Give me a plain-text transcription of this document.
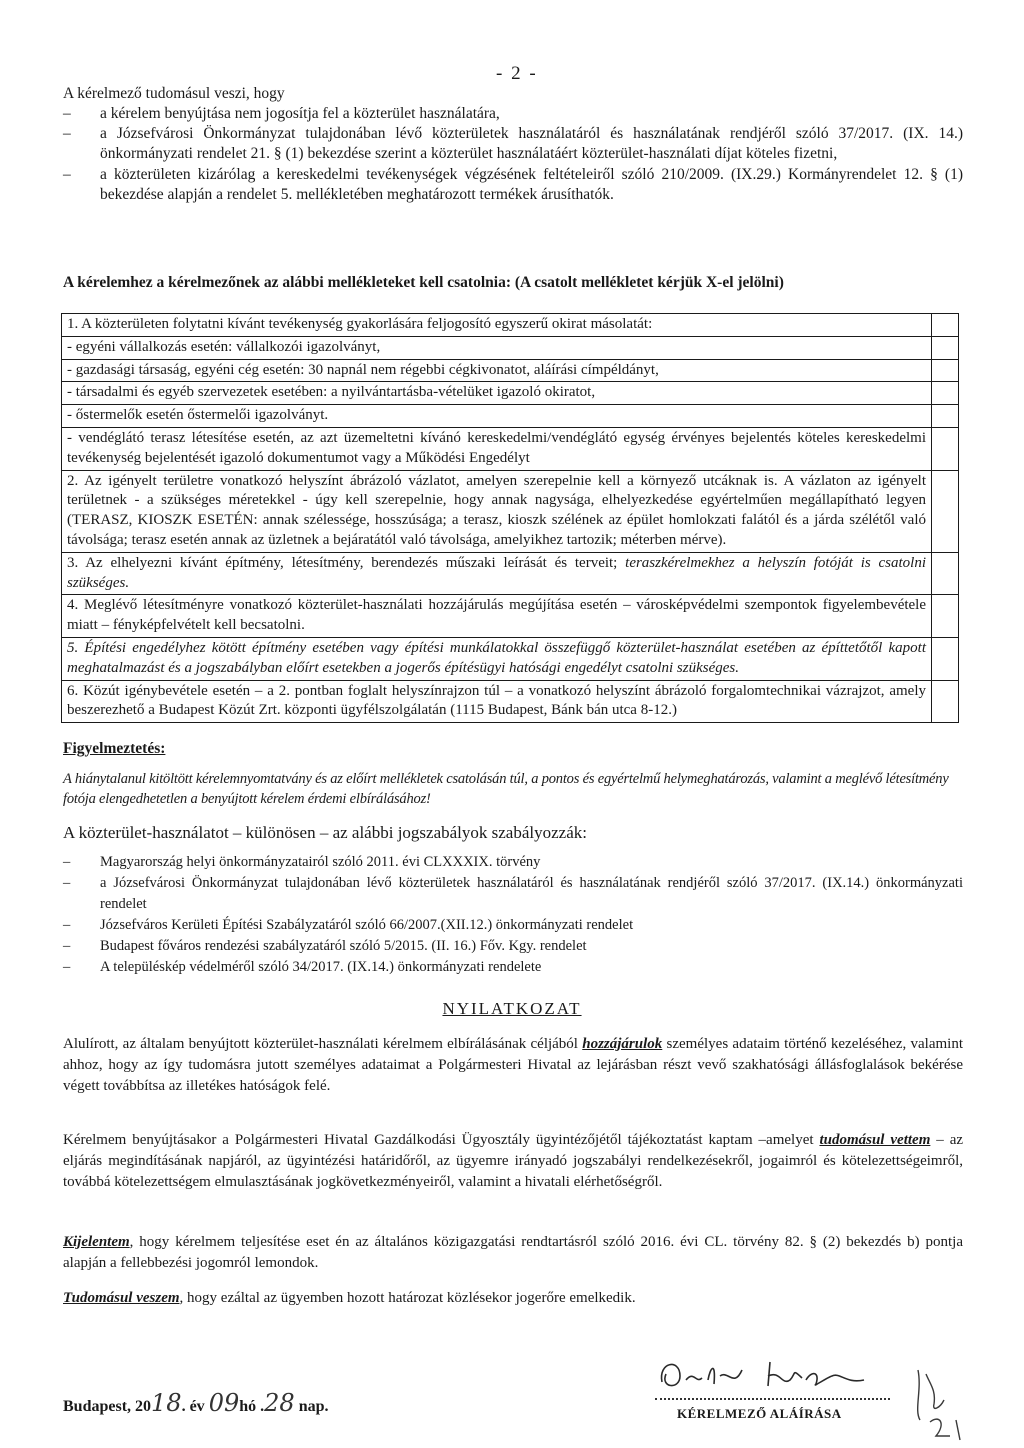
- 2 -
A kérelmező tudomásul veszi, hogy
– a kérelem benyújtása nem jogosítja fel a közterület használatára,
– a Józsefvárosi Önkormányzat tulajdonában lévő közterületek használatáról és használatának rendjéről szóló 37/2017. (IX. 14.) önkormányzati rendelet 21. § (1) bekezdése szerint a közterület használatáért közterület-használati díjat köteles fizetni,
– a közterületen kizárólag a kereskedelmi tevékenységek végzésének feltételeiről szóló 210/2009. (IX.29.) Kormányrendelet 12. § (1) bekezdése alapján a rendelet 5. mellékletében meghatározott termékek árusíthatók.
A kérelemhez a kérelmezőnek az alábbi mellékleteket kell csatolnia: (A csatolt mellékletet kérjük X-el jelölni)
1. A közterületen folytatni kívánt tevékenység gyakorlására feljogosító egyszerű okirat másolatát:	
- egyéni vállalkozás esetén: vállalkozói igazolványt,	
- gazdasági társaság, egyéni cég esetén: 30 napnál nem régebbi cégkivonatot, aláírási címpéldányt,	
- társadalmi és egyéb szervezetek esetében: a nyilvántartásba-vételüket igazoló okiratot,	
- őstermelők esetén őstermelői igazolványt.	
- vendéglátó terasz létesítése esetén, az azt üzemeltetni kívánó kereskedelmi/vendéglátó egység érvényes bejelentés köteles kereskedelmi tevékenység bejelentését igazoló dokumentumot vagy a Működési Engedélyt	
2. Az igényelt területre vonatkozó helyszínt ábrázoló vázlatot, amelyen szerepelnie kell a környező utcáknak is. A vázlaton az igényelt területnek - a szükséges méretekkel - úgy kell szerepelnie, hogy annak nagysága, elhelyezkedése egyértelműen megállapítható legyen (TERASZ, KIOSZK ESETÉN: annak szélessége, hosszúsága; a terasz, kioszk szélének az épület homlokzati falától és a járda szélétől való távolsága; terasz esetén annak az üzletnek a bejáratától való távolsága, amelyikhez tartozik; méterben mérve).	
3. Az elhelyezni kívánt építmény, létesítmény, berendezés műszaki leírását és terveit; teraszkérelmekhez a helyszín fotóját is csatolni szükséges.	
4. Meglévő létesítményre vonatkozó közterület-használati hozzájárulás megújítása esetén – városképvédelmi szempontok figyelembevétele miatt – fényképfelvételt kell becsatolni.	
5. Építési engedélyhez kötött építmény esetében vagy építési munkálatokkal összefüggő közterület-használat esetében az építtetőtől kapott meghatalmazást és a jogszabályban előírt esetekben a jogerős építésügyi hatósági engedélyt csatolni szükséges.	
6. Közút igénybevétele esetén – a 2. pontban foglalt helyszínrajzon túl – a vonatkozó helyszínt ábrázoló forgalomtechnikai vázrajzot, amely beszerezhető a Budapest Közút Zrt. központi ügyfélszolgálatán (1115 Budapest, Bánk bán utca 8-12.)	
Figyelmeztetés:
A hiánytalanul kitöltött kérelemnyomtatvány és az előírt mellékletek csatolásán túl, a pontos és egyértelmű helymeghatározás, valamint a meglévő létesítmény fotója elengedhetetlen a benyújtott kérelem érdemi elbírálásához!
A közterület-használatot – különösen – az alábbi jogszabályok szabályozzák:
– Magyarország helyi önkormányzatairól szóló 2011. évi CLXXXIX. törvény
– a Józsefvárosi Önkormányzat tulajdonában lévő közterületek használatáról és használatának rendjéről szóló 37/2017. (IX.14.) önkormányzati rendelet
– Józsefváros Kerületi Építési Szabályzatáról szóló 66/2007.(XII.12.) önkormányzati rendelet
– Budapest főváros rendezési szabályzatáról szóló 5/2015. (II. 16.) Főv. Kgy. rendelet
– A településkép védelméről szóló 34/2017. (IX.14.) önkormányzati rendelete
NYILATKOZAT
Alulírott, az általam benyújtott közterület-használati kérelmem elbírálásának céljából hozzájárulok személyes adataim történő kezeléséhez, valamint ahhoz, hogy az így tudomásra jutott személyes adataimat a Polgármesteri Hivatal az lejárásban részt vevő szakhatósági állásfoglalások bekérése végett továbbítsa az illetékes hatóságok felé.
Kérelmem benyújtásakor a Polgármesteri Hivatal Gazdálkodási Ügyosztály ügyintézőjétől tájékoztatást kaptam –amelyet tudomásul vettem – az eljárás megindításának napjáról, az ügyintézési határidőről, az ügyemre irányadó jogszabályi rendelkezésekről, jogaimról és kötelezettségeimről, továbbá kötelezettségem elmulasztásának jogkövetkezményeiről, valamint a hivatali elérhetőségről.
Kijelentem, hogy kérelmem teljesítése eset én az általános közigazgatási rendtartásról szóló 2016. évi CL. törvény 82. § (2) bekezdés b) pontja alapján a fellebbezési jogomról lemondok.
Tudomásul veszem, hogy ezáltal az ügyemben hozott határozat közlésekor jogerőre emelkedik.
Budapest, 2018. év 09hó .28 nap.	KÉRELMEZŐ ALÁÍRÁSA
